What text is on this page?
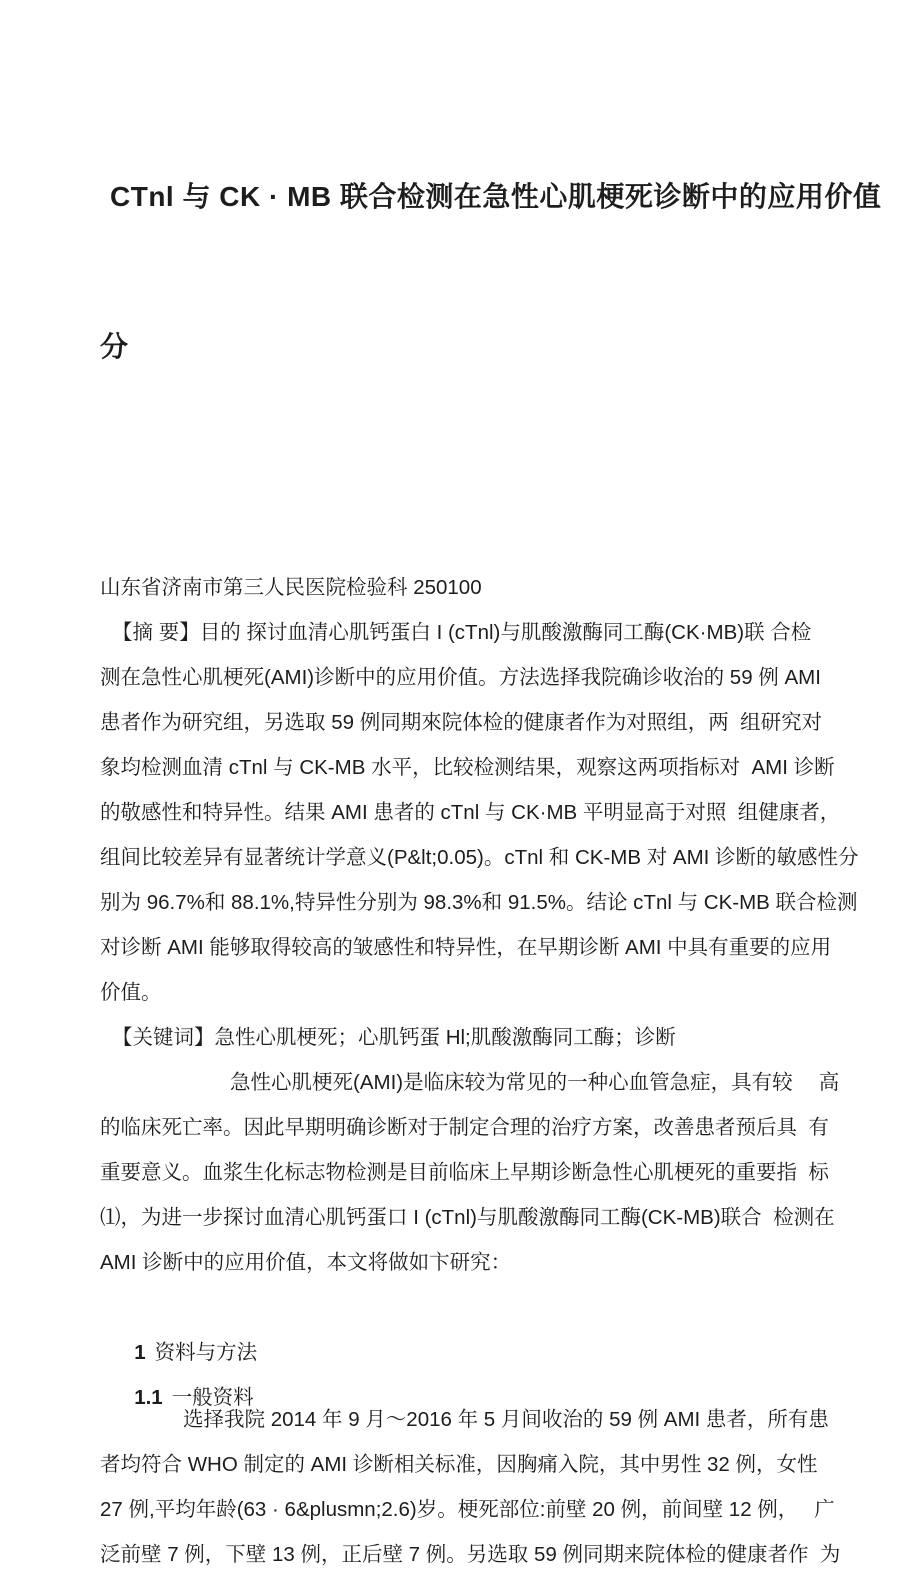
CTnl 与 CK · MB 联合检测在急性心肌梗死诊断中的应用价值

分

山东省济南市第三人民医院检验科 250100
【摘 要】目的 探讨血清心肌钙蛋白 I (cTnl)与肌酸激酶同工酶(CK·MB)联 合检
测在急性心肌梗死(AMI)诊断中的应用价值。方法选择我院确诊收治的 59 例 AMI
患者作为研究组，另选取 59 例同期來院体检的健康者作为对照组，两  组研究对
象均检测血清 cTnl 与 CK-MB 水平，比较检测结果，观察这两项指标对  AMI 诊断
的敬感性和特异性。结果 AMI 患者的 cTnl 与 CK·MB 平明显高于对照  组健康者，
组间比较差异有显著统计学意义(P&lt;0.05)。cTnl 和 CK-MB 对 AMI 诊断的敏感性分
别为 96.7%和 88.1%,特异性分别为 98.3%和 91.5%。结论 cTnl 与 CK-MB 联合检测
对诊断 AMI 能够取得较高的皱感性和特异性，在早期诊断 AMI 中具有重要的应用
价值。
【关键词】急性心肌梗死；心肌钙蛋 Hl;肌酸激酶同工酶；诊断
急性心肌梗死(AMI)是临床较为常见的一种心血管急症，具有较　 高
的临床死亡率。因此早期明确诊断对于制定合理的治疗方案，改善患者预后具  有
重要意义。血浆生化标志物检测是目前临床上早期诊断急性心肌梗死的重要指  标
⑴，为进一步探讨血清心肌钙蛋口 I (cTnl)与肌酸激酶同工酶(CK-MB)联合  检测在
AMI 诊断中的应用价值，本文将做如卞研究：

1 资料与方法

1.1 一般资料

选择我院 2014 年 9 月～2016 年 5 月间收治的 59 例 AMI 患者，所有患
者均符合 WHO 制定的 AMI 诊断相关标准，因胸痛入院，其中男性 32 例，女性
27 例,平均年龄(63 · 6&plusmn;2.6)岁。梗死部位:前壁 20 例，前间壁 12 例，　 广
泛前壁 7 例，下壁 13 例，正后壁 7 例。另选取 59 例同期来院体检的健康者作  为
